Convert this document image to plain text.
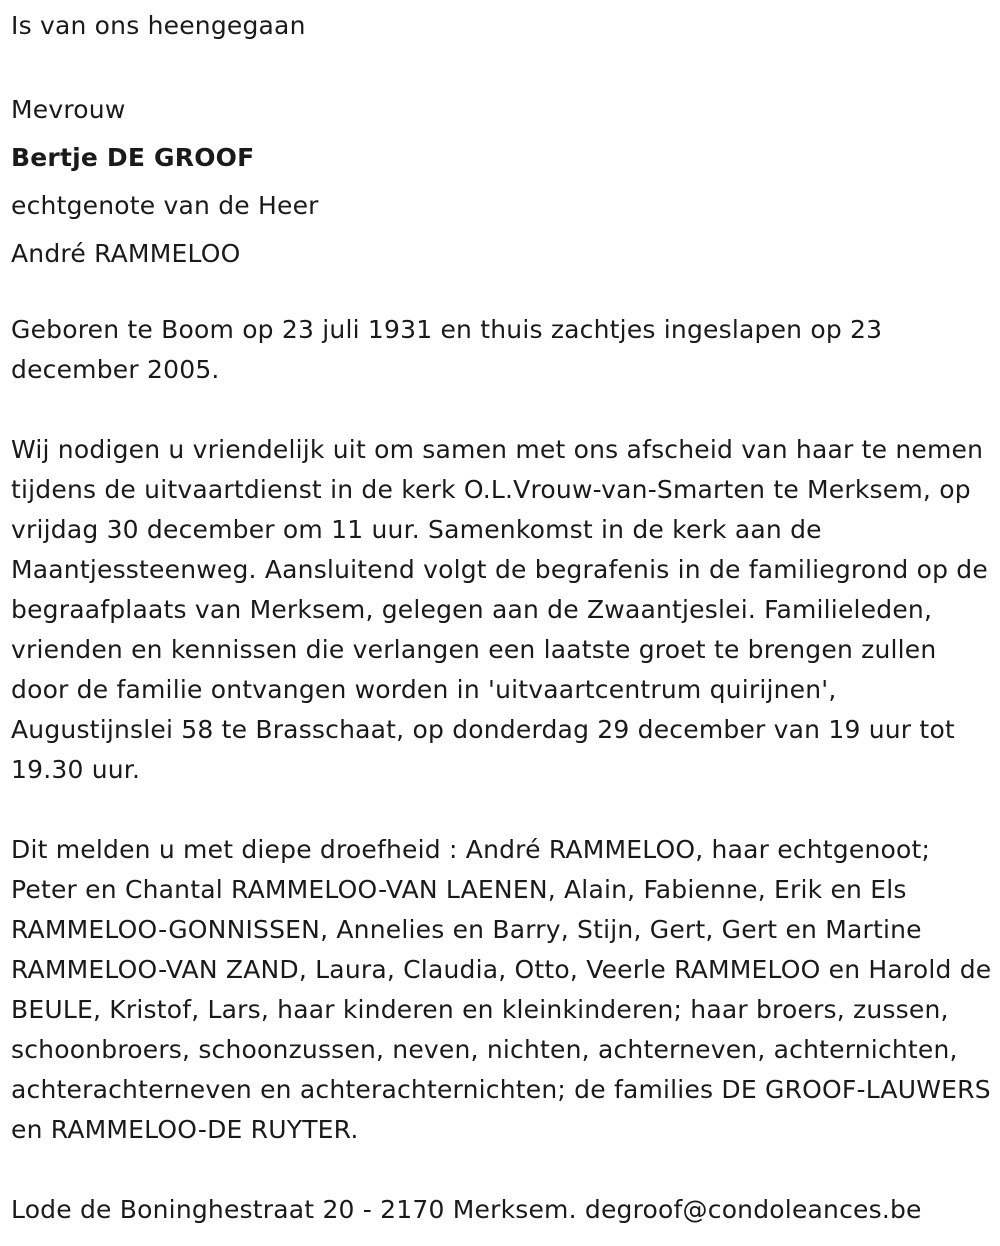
Is van ons heengegaan

Mevrouw

Bertje DE GROOF

echtgenote van de Heer

André RAMMELOO

Geboren te Boom op 23 juli 1931 en thuis zachtjes ingeslapen op 23 december 2005.

Wij nodigen u vriendelijk uit om samen met ons afscheid van haar te nemen tijdens de uitvaartdienst in de kerk O.L.Vrouw-van-Smarten te Merksem, op vrijdag 30 december om 11 uur. Samenkomst in de kerk aan de Maantjessteenweg. Aansluitend volgt de begrafenis in de familiegrond op de begraafplaats van Merksem, gelegen aan de Zwaantjeslei. Familieleden, vrienden en kennissen die verlangen een laatste groet te brengen zullen door de familie ontvangen worden in 'uitvaartcentrum quirijnen', Augustijnslei 58 te Brasschaat, op donderdag 29 december van 19 uur tot 19.30 uur.

Dit melden u met diepe droefheid : André RAMMELOO, haar echtgenoot; Peter en Chantal RAMMELOO-VAN LAENEN, Alain, Fabienne, Erik en Els RAMMELOO-GONNISSEN, Annelies en Barry, Stijn, Gert, Gert en Martine RAMMELOO-VAN ZAND, Laura, Claudia, Otto, Veerle RAMMELOO en Harold de BEULE, Kristof, Lars, haar kinderen en kleinkinderen; haar broers, zussen, schoonbroers, schoonzussen, neven, nichten, achterneven, achternichten, achterachterneven en achterachternichten; de families DE GROOF-LAUWERS en RAMMELOO-DE RUYTER.

Lode de Boninghestraat 20 - 2170 Merksem. degroof@condoleances.be
